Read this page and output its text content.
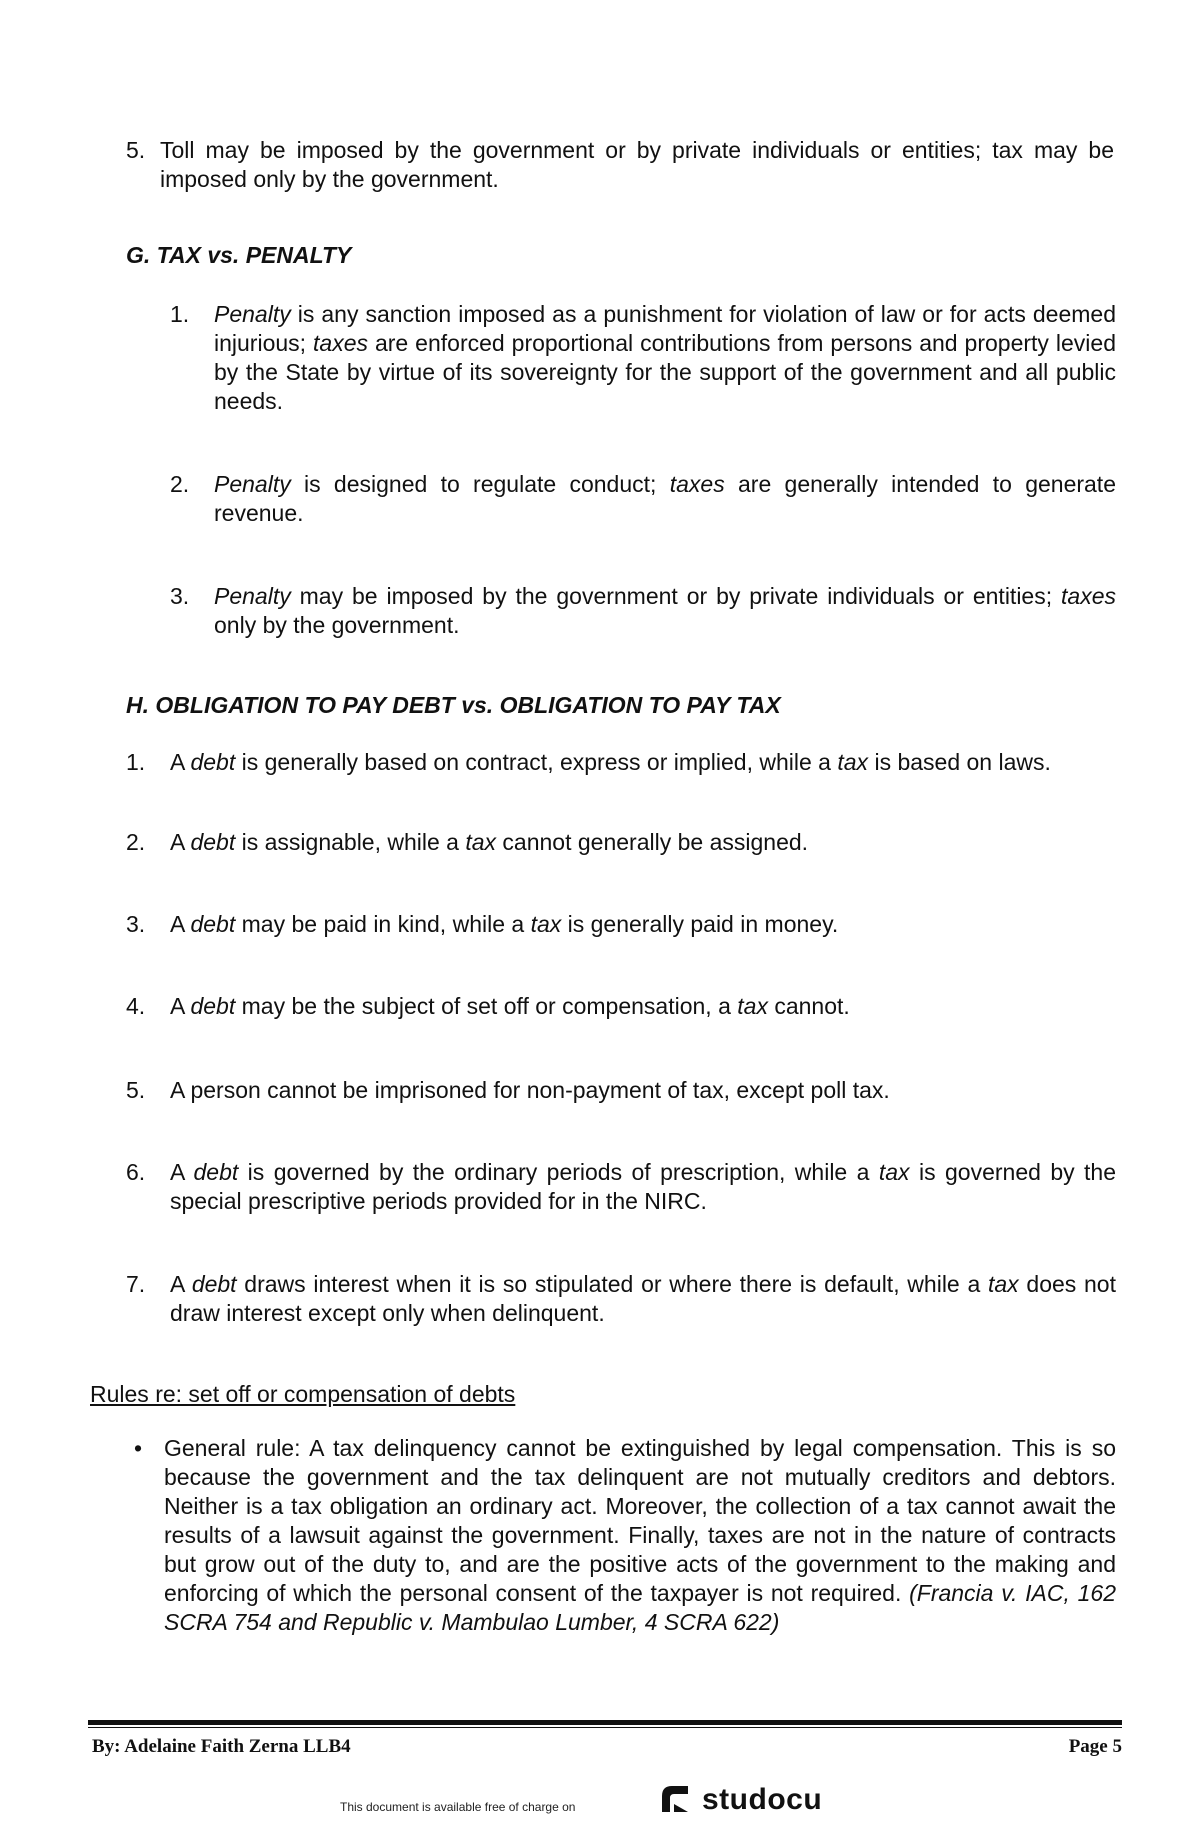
5. Toll may be imposed by the government or by private individuals or entities; tax may be imposed only by the government.
G. TAX vs. PENALTY
1. Penalty is any sanction imposed as a punishment for violation of law or for acts deemed injurious; taxes are enforced proportional contributions from persons and property levied by the State by virtue of its sovereignty for the support of the government and all public needs.
2. Penalty is designed to regulate conduct; taxes are generally intended to generate revenue.
3. Penalty may be imposed by the government or by private individuals or entities; taxes only by the government.
H. OBLIGATION TO PAY DEBT vs. OBLIGATION TO PAY TAX
1. A debt is generally based on contract, express or implied, while a tax is based on laws.
2. A debt is assignable, while a tax cannot generally be assigned.
3. A debt may be paid in kind, while a tax is generally paid in money.
4. A debt may be the subject of set off or compensation, a tax cannot.
5. A person cannot be imprisoned for non-payment of tax, except poll tax.
6. A debt is governed by the ordinary periods of prescription, while a tax is governed by the special prescriptive periods provided for in the NIRC.
7. A debt draws interest when it is so stipulated or where there is default, while a tax does not draw interest except only when delinquent.
Rules re: set off or compensation of debts
• General rule: A tax delinquency cannot be extinguished by legal compensation. This is so because the government and the tax delinquent are not mutually creditors and debtors. Neither is a tax obligation an ordinary act. Moreover, the collection of a tax cannot await the results of a lawsuit against the government. Finally, taxes are not in the nature of contracts but grow out of the duty to, and are the positive acts of the government to the making and enforcing of which the personal consent of the taxpayer is not required. (Francia v. IAC, 162 SCRA 754 and Republic v. Mambulao Lumber, 4 SCRA 622)
By: Adelaine Faith Zerna LLB4	Page 5
This document is available free of charge on	studocu
